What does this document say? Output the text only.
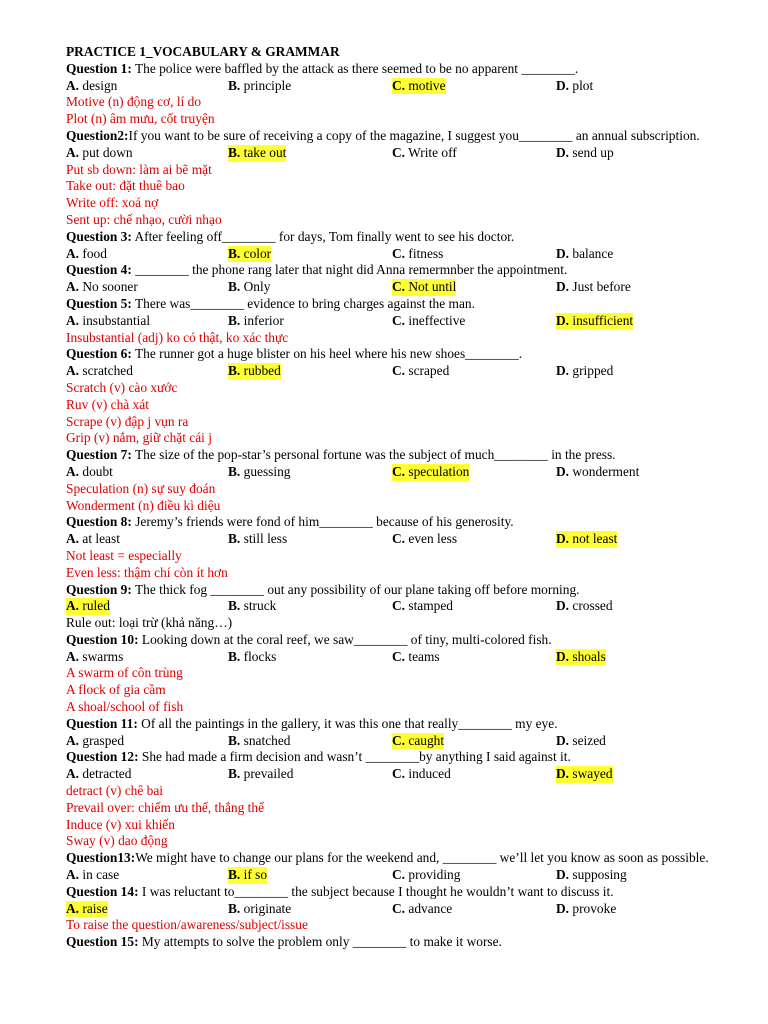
PRACTICE 1_VOCABULARY & GRAMMAR
Question 1: The police were baffled by the attack as there seemed to be no apparent ________.
A. design	B. principle	C. motive	D. plot
Motive (n) động cơ, lí do
Plot (n) âm mưu, cốt truyện
Question2:If you want to be sure of receiving a copy of the magazine, I suggest you________ an annual subscription.
A. put down	B. take out	C. Write off	D. send up
Put sb down: làm ai bẽ mặt
Take out: đặt thuê bao
Write off: xoá nợ
Sent up: chế nhạo, cười nhạo
Question 3: After feeling off________ for days, Tom finally went to see his doctor.
A. food	B. color	C. fitness	D. balance
Question 4: ________ the phone rang later that night did Anna remermnber the appointment.
A. No sooner	B. Only	C. Not until	D. Just before
Question 5: There was________ evidence to bring charges against the man.
A. insubstantial	B. inferior	C. ineffective	D. insufficient
Insubstantial (adj) ko có thật, ko xác thực
Question 6: The runner got a huge blister on his heel where his new shoes________.
A. scratched	B. rubbed	C. scraped	D. gripped
Scratch (v) cào xước
Ruv (v) chà xát
Scrape (v) đập j vụn ra
Grip (v) nắm, giữ chặt cái j
Question 7: The size of the pop-star’s personal fortune was the subject of much________ in the press.
A. doubt	B. guessing	C. speculation	D. wonderment
Speculation (n) sự suy đoán
Wonderment (n) điều kì diệu
Question 8: Jeremy’s friends were fond of him________ because of his generosity.
A. at least	B. still less	C. even less	D. not least
Not least = especially
Even less: thậm chí còn ít hơn
Question 9: The thick fog ________ out any possibility of our plane taking off before morning.
A. ruled	B. struck	C. stamped	D. crossed
Rule out: loại trừ (khả năng…)
Question 10: Looking down at the coral reef, we saw________ of tiny, multi-colored fish.
A. swarms	B. flocks	C. teams	D. shoals
A swarm of côn trùng
A flock of gia cầm
A shoal/school of fish
Question 11: Of all the paintings in the gallery, it was this one that really________ my eye.
A. grasped	B. snatched	C. caught	D. seized
Question 12: She had made a firm decision and wasn’t ________by anything I said against it.
A. detracted	B. prevailed	C. induced	D. swayed
detract (v) chê bai
Prevail over: chiếm ưu thế, thắng thế
Induce (v) xui khiến
Sway (v) dao động
Question13:We might have to change our plans for the weekend and, ________ we’ll let you know as soon as possible.
A. in case	B. if so	C. providing	D. supposing
Question 14: I was reluctant to________ the subject because I thought he wouldn’t want to discuss it.
A. raise	B. originate	C. advance	D. provoke
To raise the question/awareness/subject/issue
Question 15: My attempts to solve the problem only ________ to make it worse.
